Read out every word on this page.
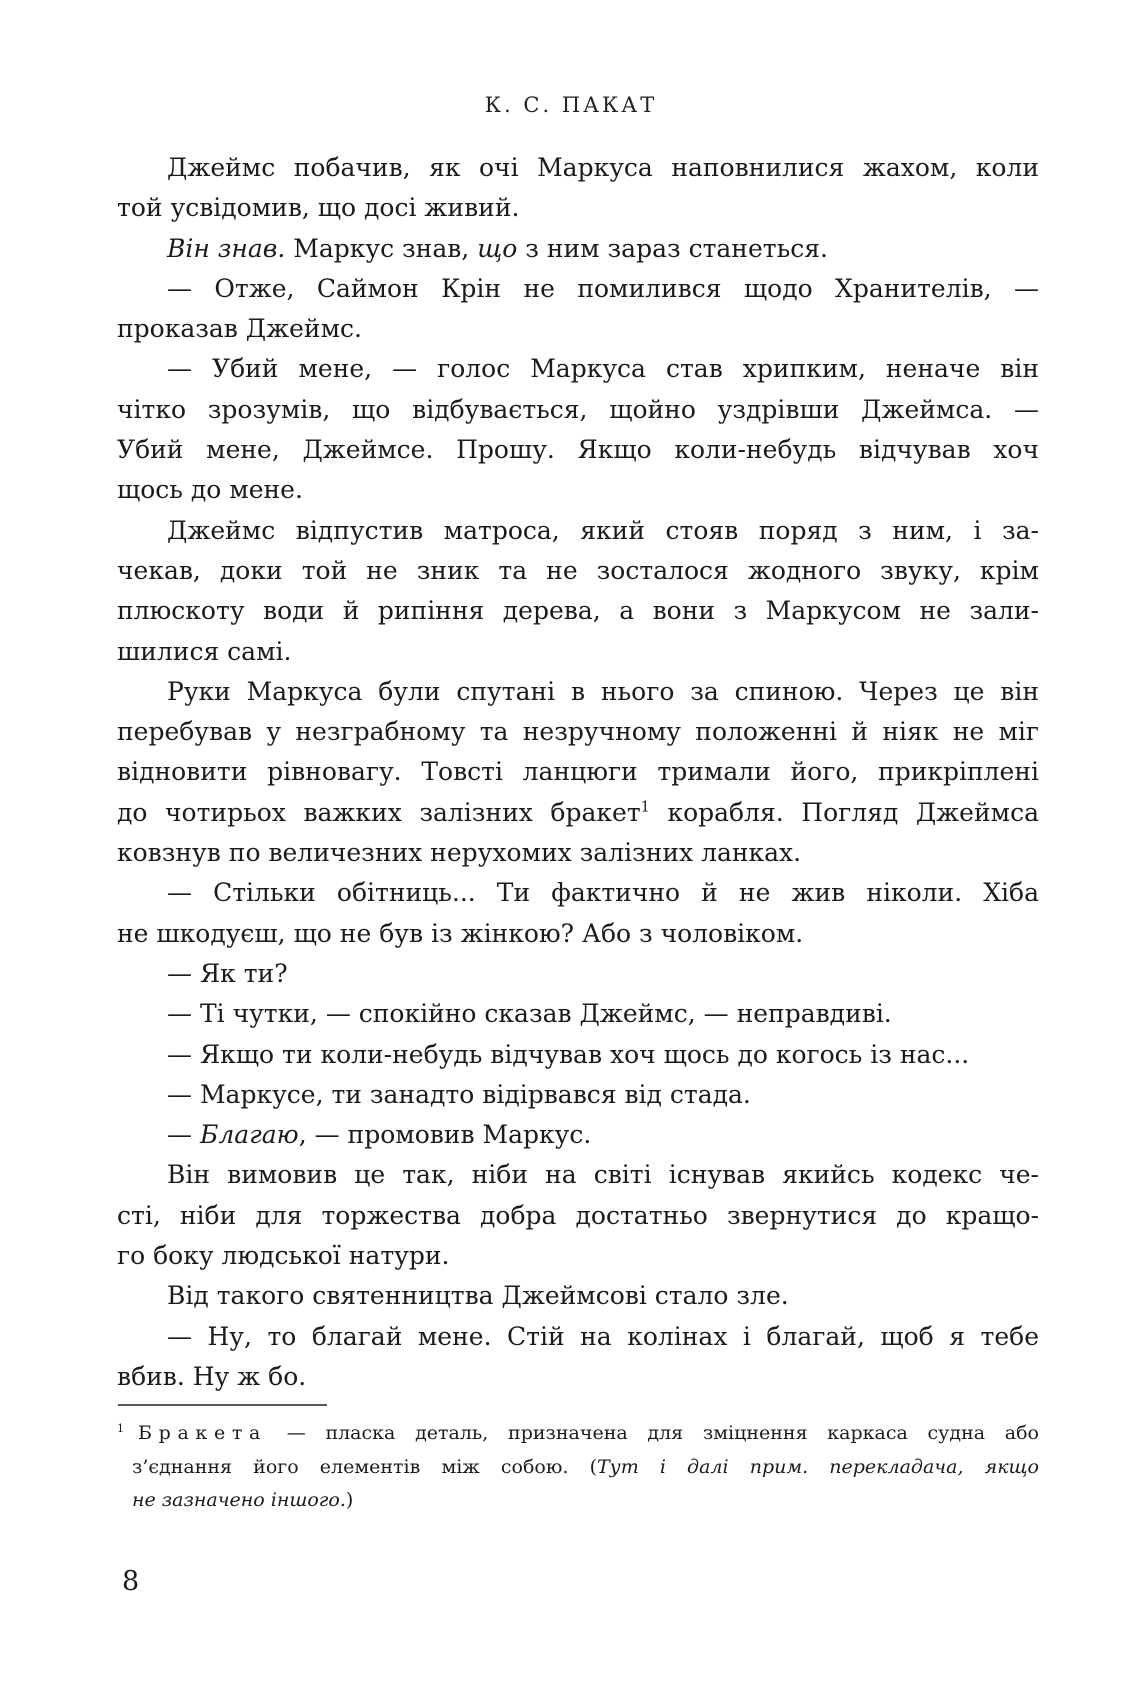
К. С. ПАКАТ
Джеймс побачив, як очі Маркуса наповнилися жахом, коли
той усвідомив, що досі живий.
Він знав. Маркус знав, що з ним зараз станеться.
— Отже, Саймон Крін не помилився щодо Хранителів, —
проказав Джеймс.
— Убий мене, — голос Маркуса став хрипким, неначе він
чітко зрозумів, що відбувається, щойно уздрівши Джеймса. —
Убий мене, Джеймсе. Прошу. Якщо коли-небудь відчував хоч
щось до мене.
Джеймс відпустив матроса, який стояв поряд з ним, і за-
чекав, доки той не зник та не зосталося жодного звуку, крім
плюскоту води й рипіння дерева, а вони з Маркусом не зали-
шилися самі.
Руки Маркуса були спутані в нього за спиною. Через це він
перебував у незграбному та незручному положенні й ніяк не міг
відновити рівновагу. Товсті ланцюги тримали його, прикріплені
до чотирьох важких залізних бракет$^1$ корабля. Погляд Джеймса
ковзнув по величезних нерухомих залізних ланках.
— Стільки обітниць... Ти фактично й не жив ніколи. Хіба
не шкодуєш, що не був із жінкою? Або з чоловіком.
— Як ти?
— Ті чутки, — спокійно сказав Джеймс, — неправдиві.
— Якщо ти коли-небудь відчував хоч щось до когось із нас...
— Маркусе, ти занадто відірвався від стада.
— Благаю, — промовив Маркус.
Він вимовив це так, ніби на світі існував якийсь кодекс че-
сті, ніби для торжества добра достатньо звернутися до кращо-
го боку людської натури.
Від такого святенництва Джеймсові стало зле.
— Ну, то благай мене. Стій на колінах і благай, щоб я тебе
вбив. Ну ж бо.
$^1$ Бракета — пласка деталь, призначена для зміцнення каркаса судна або
з’єднання його елементів між собою. (Тут і далі прим. перекладача, якщо
не зазначено іншого.)
8
